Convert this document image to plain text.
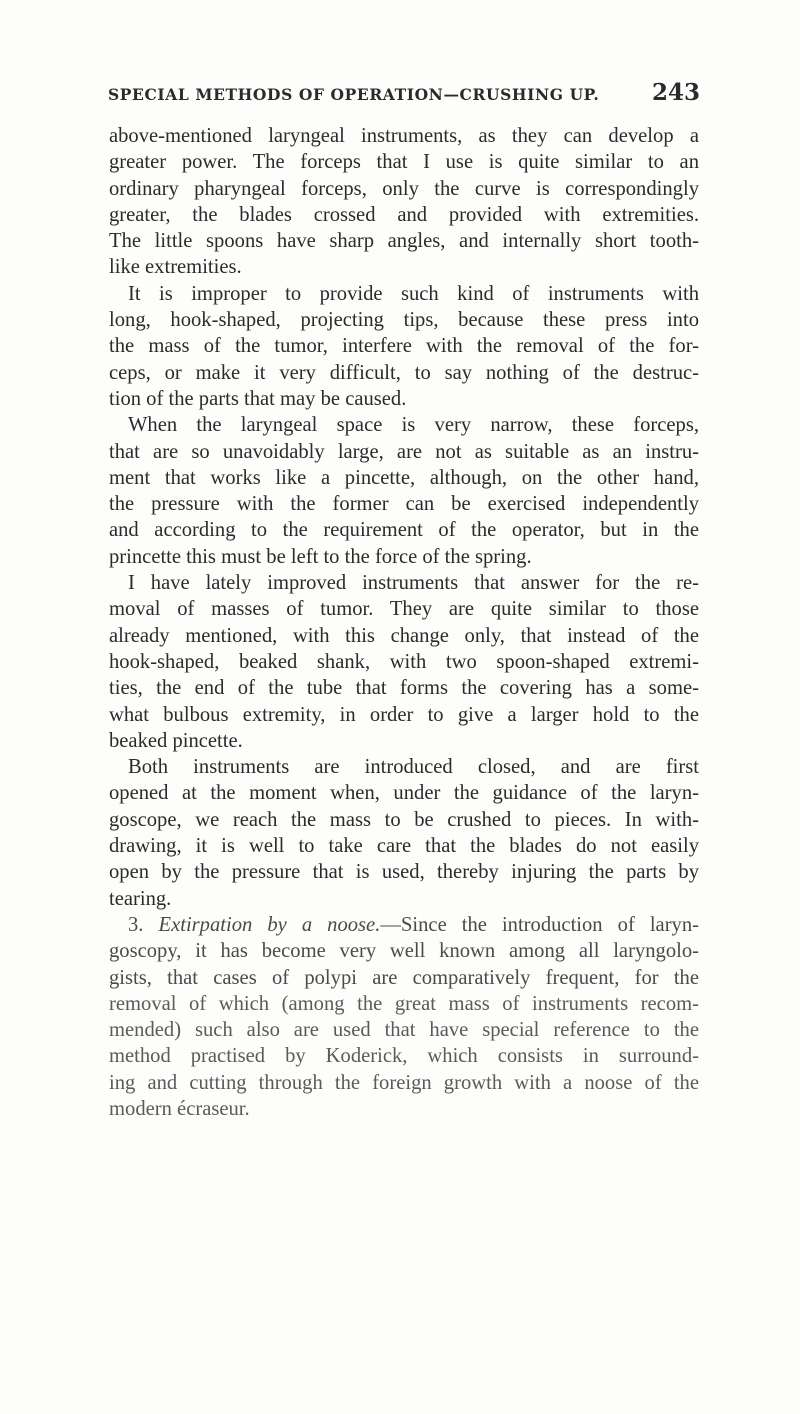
SPECIAL METHODS OF OPERATION—CRUSHING UP. 243
above-mentioned laryngeal instruments, as they can develop a
greater power. The forceps that I use is quite similar to an
ordinary pharyngeal forceps, only the curve is correspondingly
greater, the blades crossed and provided with extremities.
The little spoons have sharp angles, and internally short tooth-
like extremities.
It is improper to provide such kind of instruments with
long, hook-shaped, projecting tips, because these press into
the mass of the tumor, interfere with the removal of the for-
ceps, or make it very difficult, to say nothing of the destruc-
tion of the parts that may be caused.
When the laryngeal space is very narrow, these forceps,
that are so unavoidably large, are not as suitable as an instru-
ment that works like a pincette, although, on the other hand,
the pressure with the former can be exercised independently
and according to the requirement of the operator, but in the
princette this must be left to the force of the spring.
I have lately improved instruments that answer for the re-
moval of masses of tumor. They are quite similar to those
already mentioned, with this change only, that instead of the
hook-shaped, beaked shank, with two spoon-shaped extremi-
ties, the end of the tube that forms the covering has a some-
what bulbous extremity, in order to give a larger hold to the
beaked pincette.
Both instruments are introduced closed, and are first
opened at the moment when, under the guidance of the laryn-
goscope, we reach the mass to be crushed to pieces. In with-
drawing, it is well to take care that the blades do not easily
open by the pressure that is used, thereby injuring the parts by
tearing.
3. Extirpation by a noose.—Since the introduction of laryn-
goscopy, it has become very well known among all laryngolo-
gists, that cases of polypi are comparatively frequent, for the
removal of which (among the great mass of instruments recom-
mended) such also are used that have special reference to the
method practised by Koderick, which consists in surround-
ing and cutting through the foreign growth with a noose of the
modern écraseur.
